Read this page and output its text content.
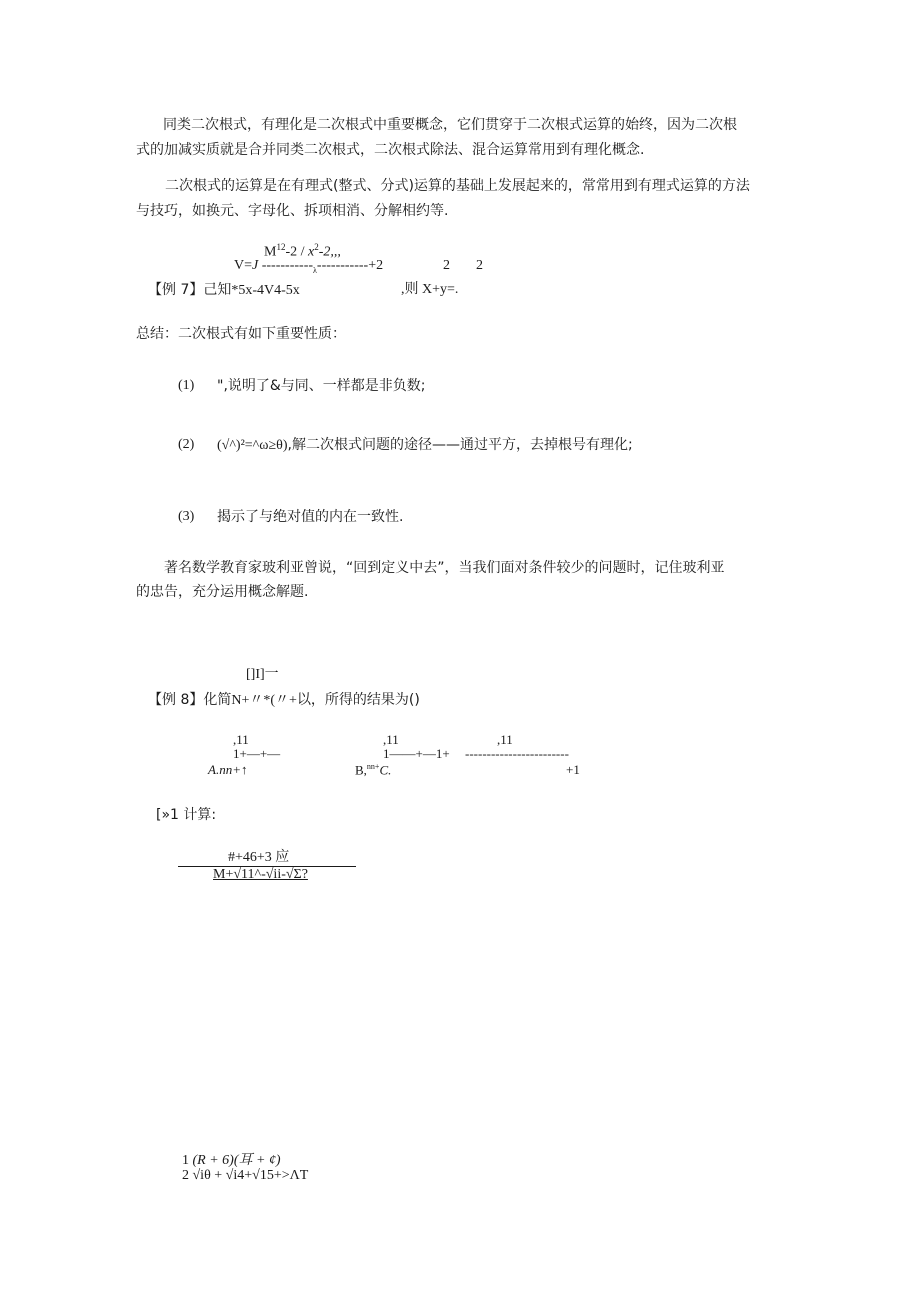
同类二次根式，有理化是二次根式中重要概念，它们贯穿于二次根式运算的始终，因为二次根
式的加减实质就是合并同类二次根式，二次根式除法、混合运算常用到有理化概念.
二次根式的运算是在有理式(整式、分式)运算的基础上发展起来的，常常用到有理式运算的方法
与技巧，如换元、字母化、拆项相消、分解相约等.
$M^{12}-2 / x^2-2$,,,
V=J $-----------_\lambda-----------+2$	2 2
【例 7】己知*5x-4V4-5x	,则 X+y=.
总结：二次根式有如下重要性质：
(1) ",说明了&与同、一样都是非负数;
(2) (√^)²=^ω≥θ),解二次根式问题的途径——通过平方，去掉根号有理化;
(3) 揭示了与绝对值的内在一致性.
著名数学教育家玻利亚曾说，“回到定义中去”，当我们面对条件较少的问题时，记住玻利亚
的忠告，充分运用概念解题.
[]I]一
【例 8】化简N+〃*(〃+以，所得的结果为()
,11
1+—+—
A.nn+↑
,11
1——+—1+
B,$^{nn+}$C.
,11
------------------------
+1
[»1 计算:
#+46+3 应
M+√11^-√ii-√Σ?
1 (R + 6)(耳 + ¢)
2 √iθ + √i4+√15+>ΛT
